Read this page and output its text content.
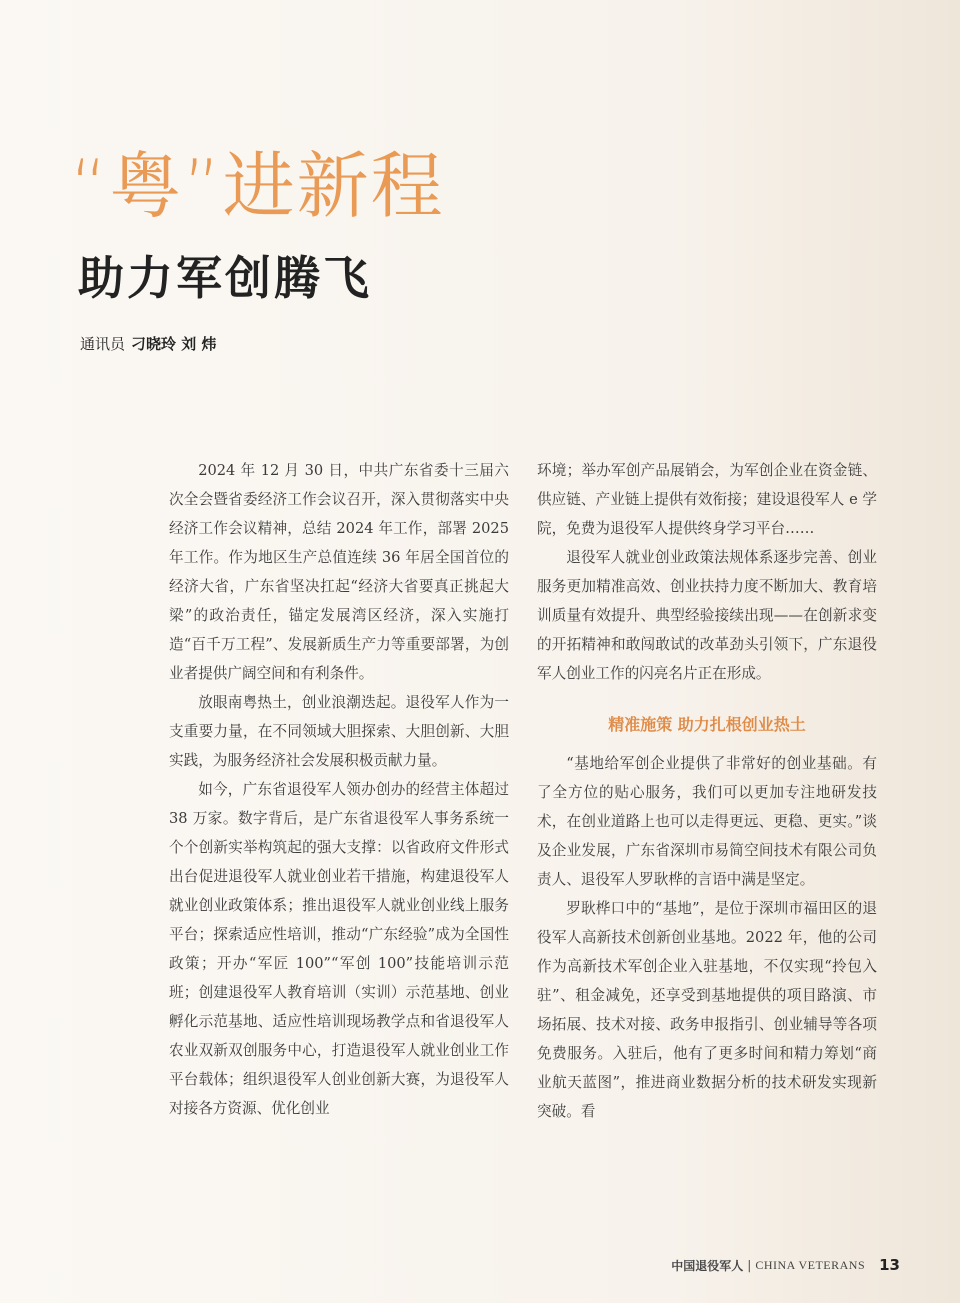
“粤”进新程
助力军创腾飞
通讯员 刁晓玲 刘 炜

2024 年 12 月 30 日，中共广东省委十三届六次全会暨省委经济工作会议召开，深入贯彻落实中央经济工作会议精神，总结 2024 年工作，部署 2025 年工作。作为地区生产总值连续 36 年居全国首位的经济大省，广东省坚决扛起“经济大省要真正挑起大梁”的政治责任，锚定发展湾区经济，深入实施打造“百千万工程”、发展新质生产力等重要部署，为创业者提供广阔空间和有利条件。

放眼南粤热土，创业浪潮迭起。退役军人作为一支重要力量，在不同领域大胆探索、大胆创新、大胆实践，为服务经济社会发展积极贡献力量。

如今，广东省退役军人领办创办的经营主体超过 38 万家。数字背后，是广东省退役军人事务系统一个个创新实举构筑起的强大支撑：以省政府文件形式出台促进退役军人就业创业若干措施，构建退役军人就业创业政策体系；推出退役军人就业创业线上服务平台；探索适应性培训，推动“广东经验”成为全国性政策；开办“军匠 100”“军创 100”技能培训示范班；创建退役军人教育培训（实训）示范基地、创业孵化示范基地、适应性培训现场教学点和省退役军人农业双新双创服务中心，打造退役军人就业创业工作平台载体；组织退役军人创业创新大赛，为退役军人对接各方资源、优化创业

环境；举办军创产品展销会，为军创企业在资金链、供应链、产业链上提供有效衔接；建设退役军人 e 学院，免费为退役军人提供终身学习平台……

退役军人就业创业政策法规体系逐步完善、创业服务更加精准高效、创业扶持力度不断加大、教育培训质量有效提升、典型经验接续出现——在创新求变的开拓精神和敢闯敢试的改革劲头引领下，广东退役军人创业工作的闪亮名片正在形成。

精准施策 助力扎根创业热土

“基地给军创企业提供了非常好的创业基础。有了全方位的贴心服务，我们可以更加专注地研发技术，在创业道路上也可以走得更远、更稳、更实。”谈及企业发展，广东省深圳市易简空间技术有限公司负责人、退役军人罗耿桦的言语中满是坚定。

罗耿桦口中的“基地”，是位于深圳市福田区的退役军人高新技术创新创业基地。2022 年，他的公司作为高新技术军创企业入驻基地，不仅实现“拎包入驻”、租金减免，还享受到基地提供的项目路演、市场拓展、技术对接、政务申报指引、创业辅导等各项免费服务。入驻后，他有了更多时间和精力筹划“商业航天蓝图”，推进商业数据分析的技术研发实现新突破。看

中国退役军人 | CHINA VETERANS 13
